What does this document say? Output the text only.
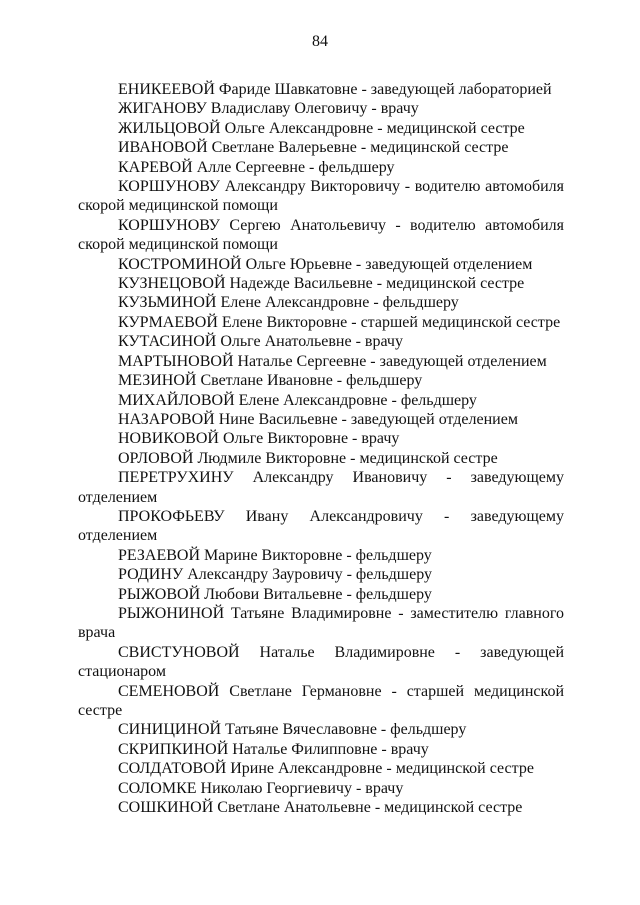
84
ЕНИКЕЕВОЙ Фариде Шавкатовне - заведующей лабораторией
ЖИГАНОВУ Владиславу Олеговичу - врачу
ЖИЛЬЦОВОЙ Ольге Александровне - медицинской сестре
ИВАНОВОЙ Светлане Валерьевне - медицинской сестре
КАРЕВОЙ Алле Сергеевне - фельдшеру
КОРШУНОВУ Александру Викторовичу - водителю автомобиля скорой медицинской помощи
КОРШУНОВУ Сергею Анатольевичу - водителю автомобиля скорой медицинской помощи
КОСТРОМИНОЙ Ольге Юрьевне - заведующей отделением
КУЗНЕЦОВОЙ Надежде Васильевне - медицинской сестре
КУЗЬМИНОЙ Елене Александровне - фельдшеру
КУРМАЕВОЙ Елене Викторовне - старшей медицинской сестре
КУТАСИНОЙ Ольге Анатольевне - врачу
МАРТЫНОВОЙ Наталье Сергеевне - заведующей отделением
МЕЗИНОЙ Светлане Ивановне - фельдшеру
МИХАЙЛОВОЙ Елене Александровне - фельдшеру
НАЗАРОВОЙ Нине Васильевне - заведующей отделением
НОВИКОВОЙ Ольге Викторовне - врачу
ОРЛОВОЙ Людмиле Викторовне - медицинской сестре
ПЕРЕТРУХИНУ Александру Ивановичу - заведующему отделением
ПРОКОФЬЕВУ Ивану Александровичу - заведующему отделением
РЕЗАЕВОЙ Марине Викторовне - фельдшеру
РОДИНУ Александру Зауровичу - фельдшеру
РЫЖОВОЙ Любови Витальевне - фельдшеру
РЫЖОНИНОЙ Татьяне Владимировне - заместителю главного врача
СВИСТУНОВОЙ Наталье Владимировне - заведующей стационаром
СЕМЕНОВОЙ Светлане Германовне - старшей медицинской сестре
СИНИЦИНОЙ Татьяне Вячеславовне - фельдшеру
СКРИПКИНОЙ Наталье Филипповне - врачу
СОЛДАТОВОЙ Ирине Александровне - медицинской сестре
СОЛОМКЕ Николаю Георгиевичу - врачу
СОШКИНОЙ Светлане Анатольевне - медицинской сестре
